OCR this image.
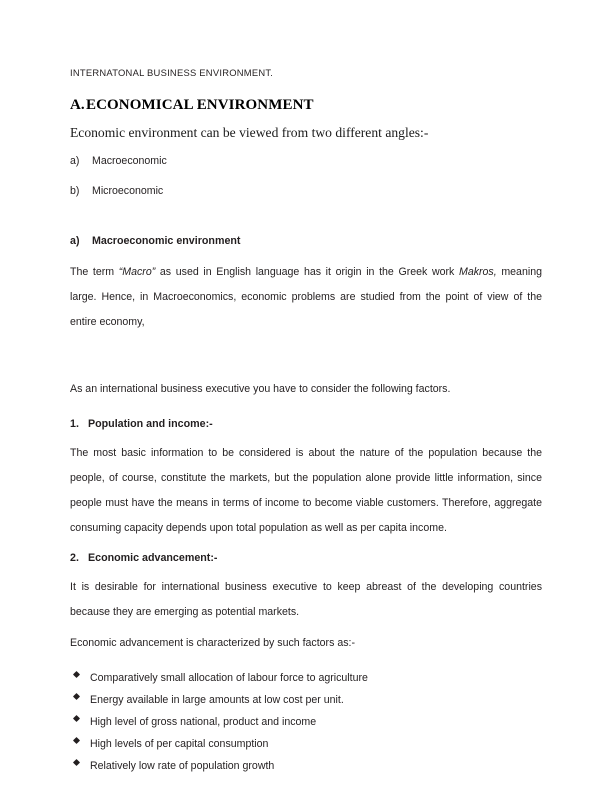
INTERNATONAL BUSINESS ENVIRONMENT.

A.ECONOMICAL ENVIRONMENT

Economic environment can be viewed from two different angles:-

a) Macroeconomic
b) Microeconomic
a) Macroeconomic environment

The term “Macro” as used in English language has it origin in the Greek work Makros, meaning large. Hence, in Macroeconomics, economic problems are studied from the point of view of the entire economy,

As an international business executive you have to consider the following factors.

1. Population and income:-

The most basic information to be considered is about the nature of the population because the people, of course, constitute the markets, but the population alone provide little information, since people must have the means in terms of income to become viable customers. Therefore, aggregate consuming capacity depends upon total population as well as per capita income.

2. Economic advancement:-

It is desirable for international business executive to keep abreast of the developing countries because they are emerging as potential markets.

Economic advancement is characterized by such factors as:-

Comparatively small allocation of labour force to agriculture
Energy available in large amounts at low cost per unit.
High level of gross national, product and income
High levels of per capital consumption
Relatively low rate of population growth
